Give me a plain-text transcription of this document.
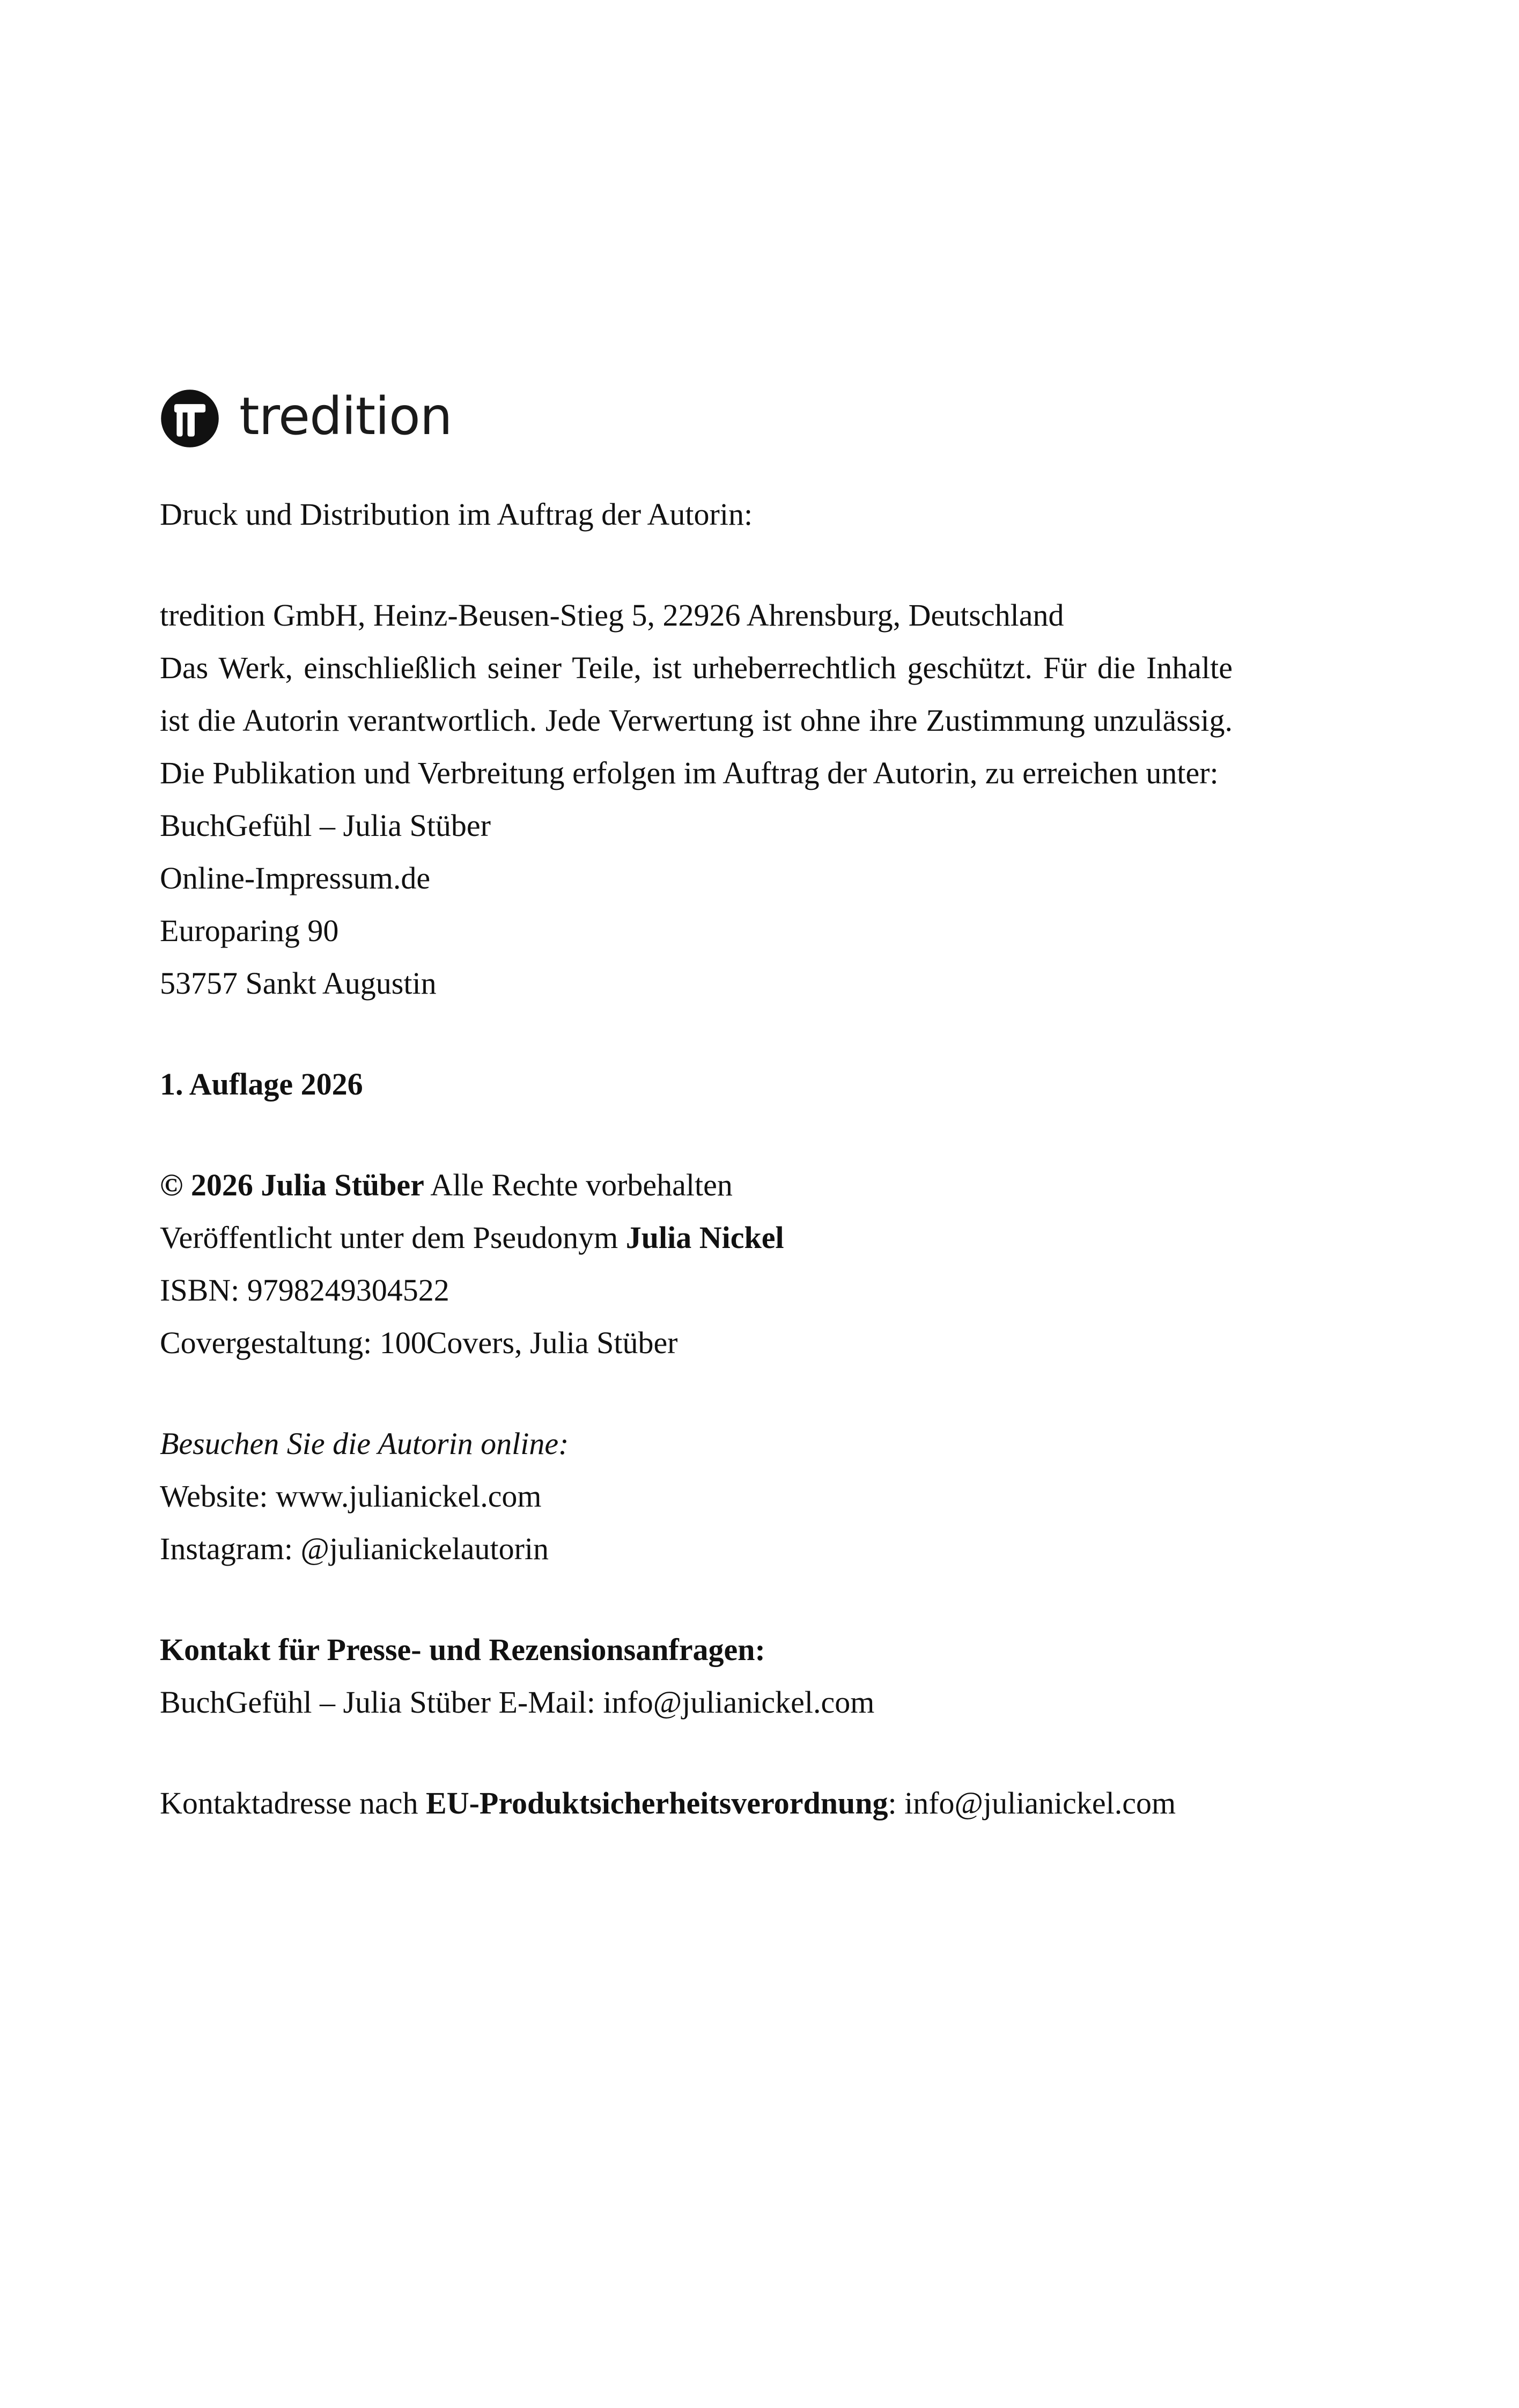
tredition

Druck und Distribution im Auftrag der Autorin:

tredition GmbH, Heinz-Beusen-Stieg 5, 22926 Ahrensburg, Deutschland

Das Werk, einschließlich seiner Teile, ist urheberrechtlich geschützt. Für die Inhalte ist die Autorin verantwortlich. Jede Verwertung ist ohne ihre Zustimmung unzulässig. Die Publikation und Verbreitung erfolgen im Auftrag der Autorin, zu erreichen unter:

BuchGefühl – Julia Stüber

Online-Impressum.de

Europaring 90

53757 Sankt Augustin

1. Auflage 2026

© 2026 Julia Stüber Alle Rechte vorbehalten

Veröffentlicht unter dem Pseudonym Julia Nickel

ISBN: 9798249304522

Covergestaltung: 100Covers, Julia Stüber

Besuchen Sie die Autorin online:

Website: www.julianickel.com

Instagram: @julianickelautorin

Kontakt für Presse- und Rezensionsanfragen:

BuchGefühl – Julia Stüber E-Mail: info@julianickel.com

Kontaktadresse nach EU-Produktsicherheitsverordnung: info@julianickel.com
